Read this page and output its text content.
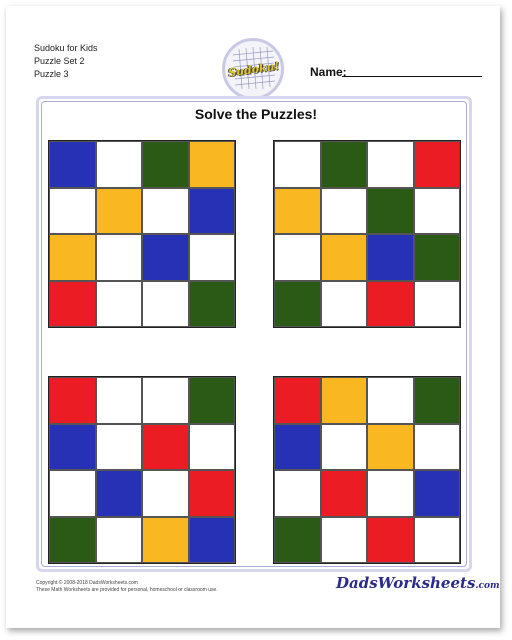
Sudoku for Kids
Puzzle Set 2
Puzzle 3	Sudoku! Name:
Solve the Puzzles!
Copyright © 2008-2018 DadsWorksheets.com
These Math Worksheets are provided for personal, homeschool or classroom use.	DadsWorksheets.com
